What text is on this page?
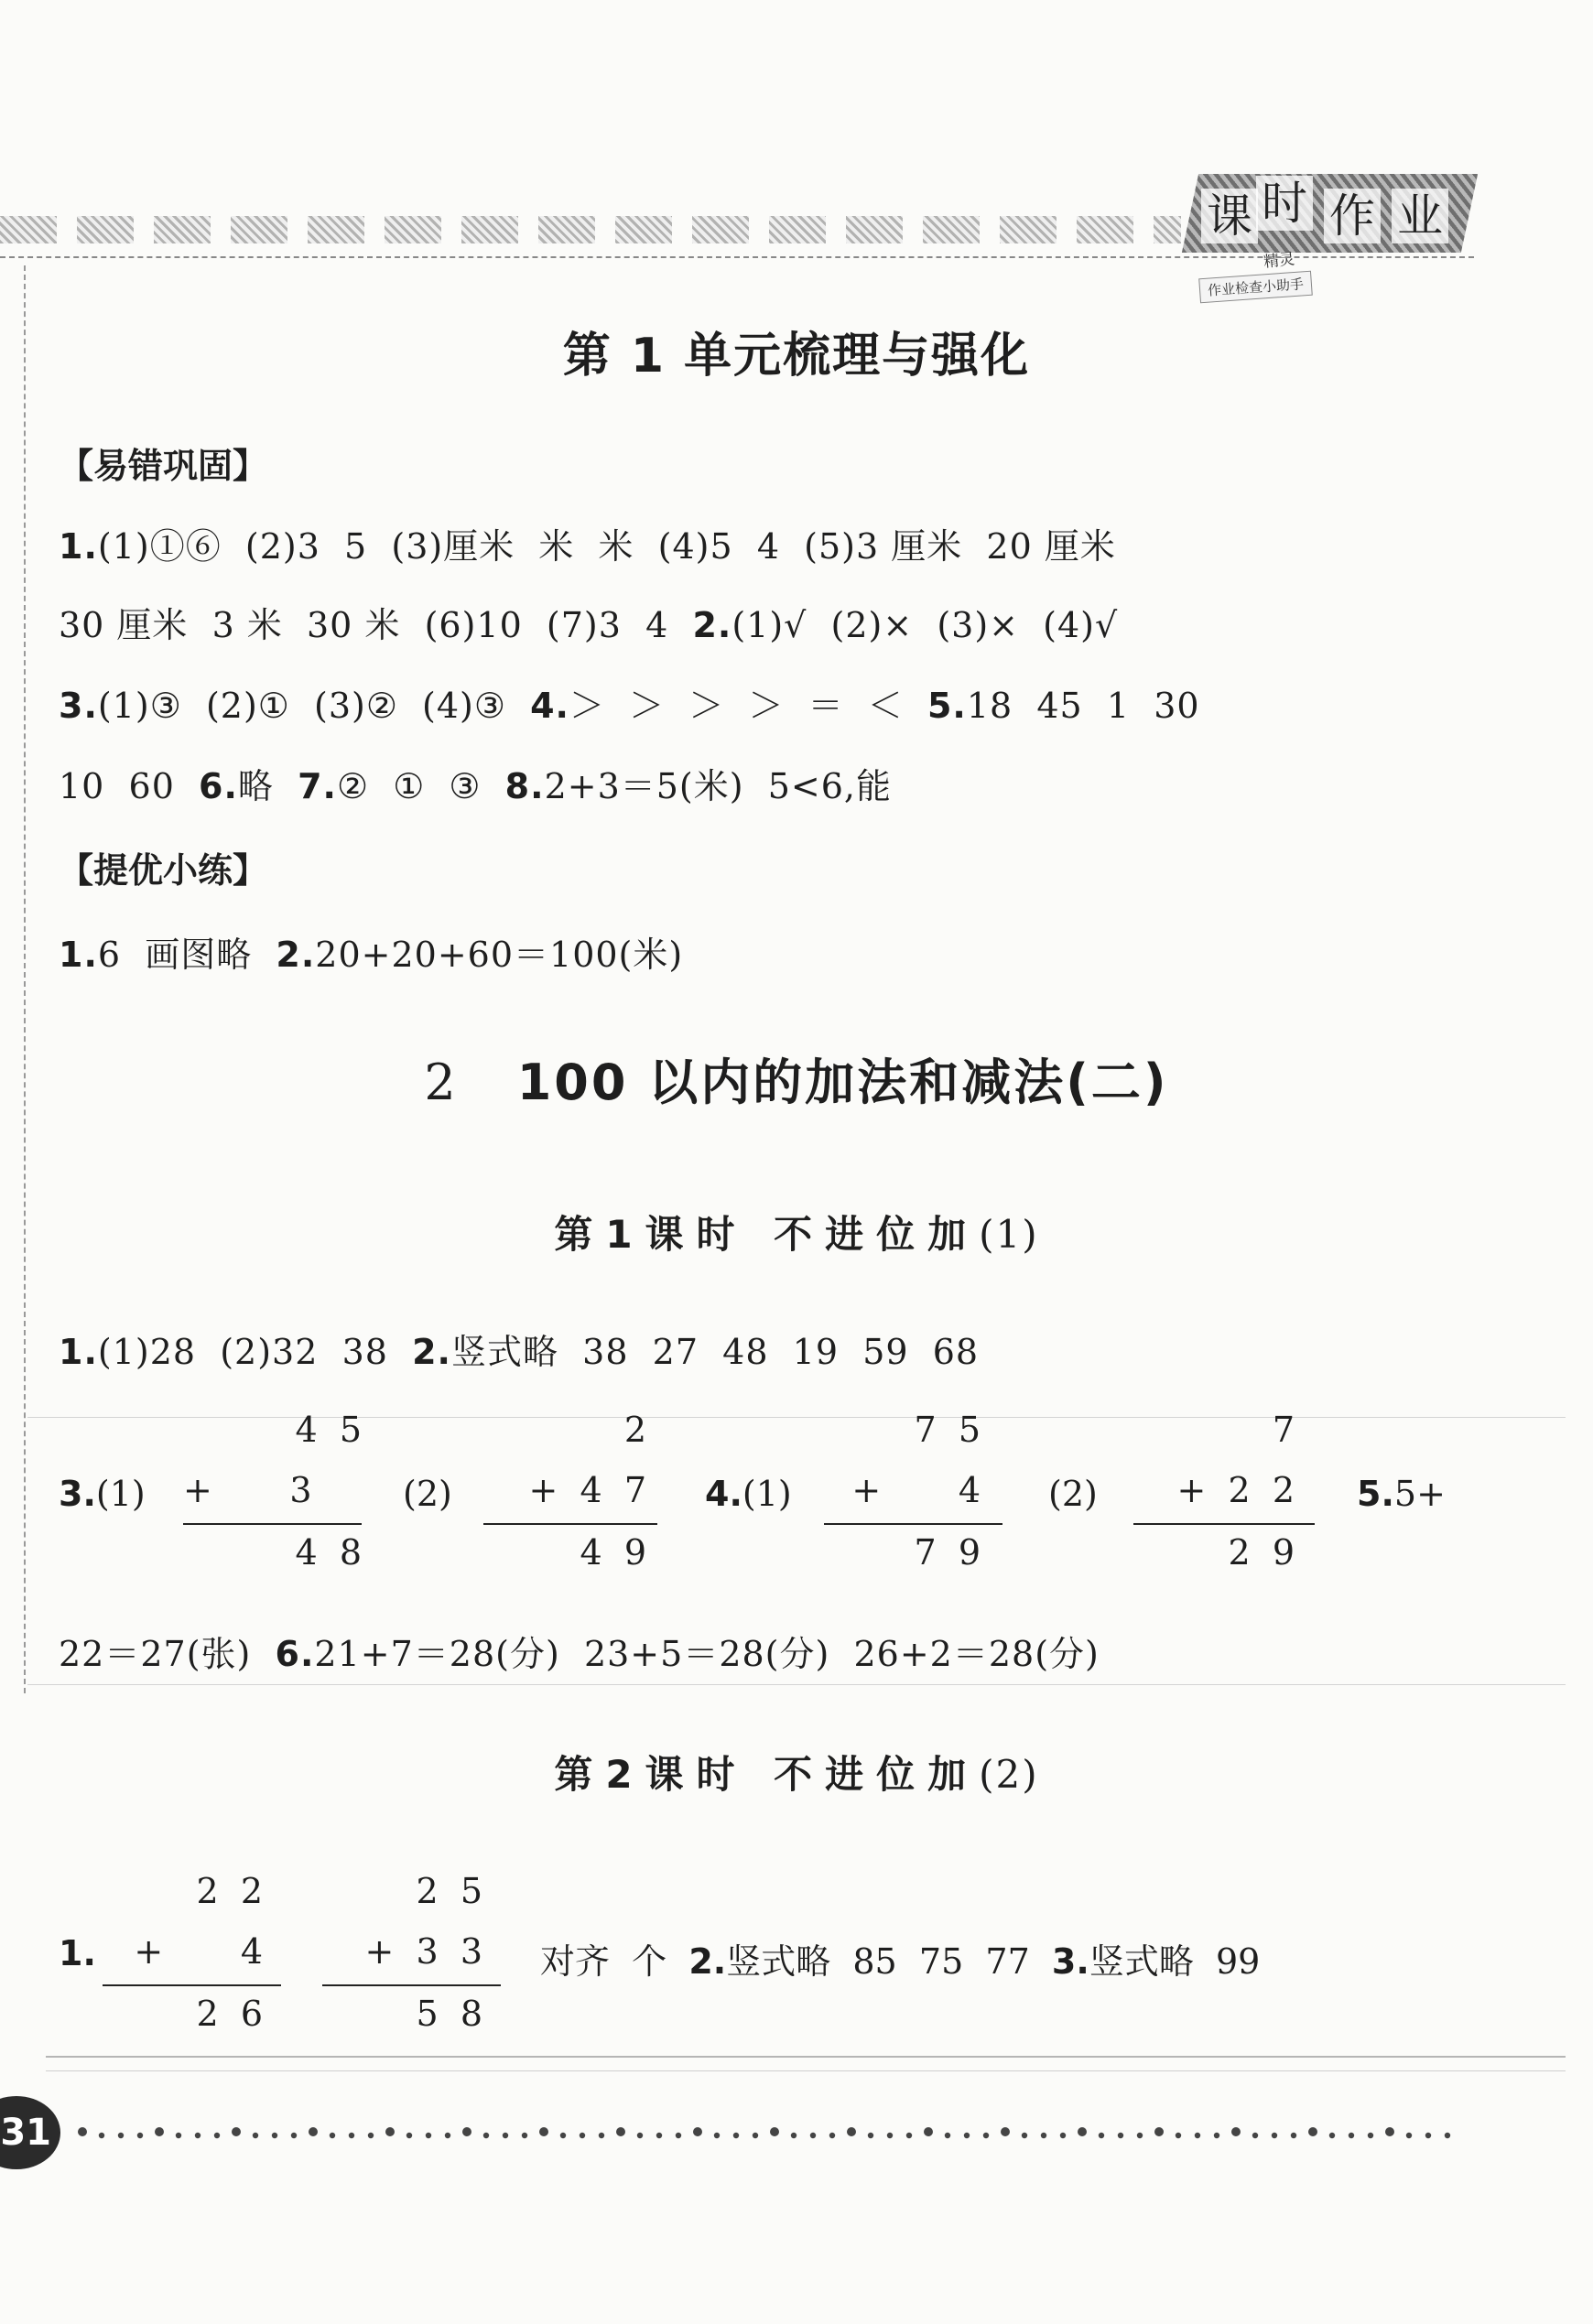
课 时 作 业
精灵
作业检查小助手
第 1 单元梳理与强化
【易错巩固】
1.(1)①⑥  (2)3  5  (3)厘米  米  米  (4)5  4  (5)3 厘米  20 厘米
30 厘米  3 米  30 米  (6)10  (7)3  4  2.(1)√  (2)×  (3)×  (4)√
3.(1)③  (2)①  (3)②  (4)③  4.＞  ＞  ＞  ＞  ＝  ＜  5.18  45  1  30
10  60  6.略  7.②  ①  ③  8.2+3＝5(米)  5<6,能
【提优小练】
1.6  画图略  2.20+20+60＝100(米)
2 100 以内的加法和减法(二)
第1课时 不进位加(1)
1.(1)28  (2)32  38  2.竖式略  38  27  48  19  59  68
3.(1)
4  5
+       3
4  8
(2)
2
+  4  7
4  9
4.(1)
7  5
+       4
7  9
(2)
7
+  2  2
2  9
5.5+
22＝27(张)  6.21+7＝28(分)  23+5＝28(分)  26+2＝28(分)
第2课时 不进位加(2)
1.
2  2
+       4
2  6
2  5
+  3  3
5  8
对齐  个  2.竖式略  85  75  77  3.竖式略  99
31
